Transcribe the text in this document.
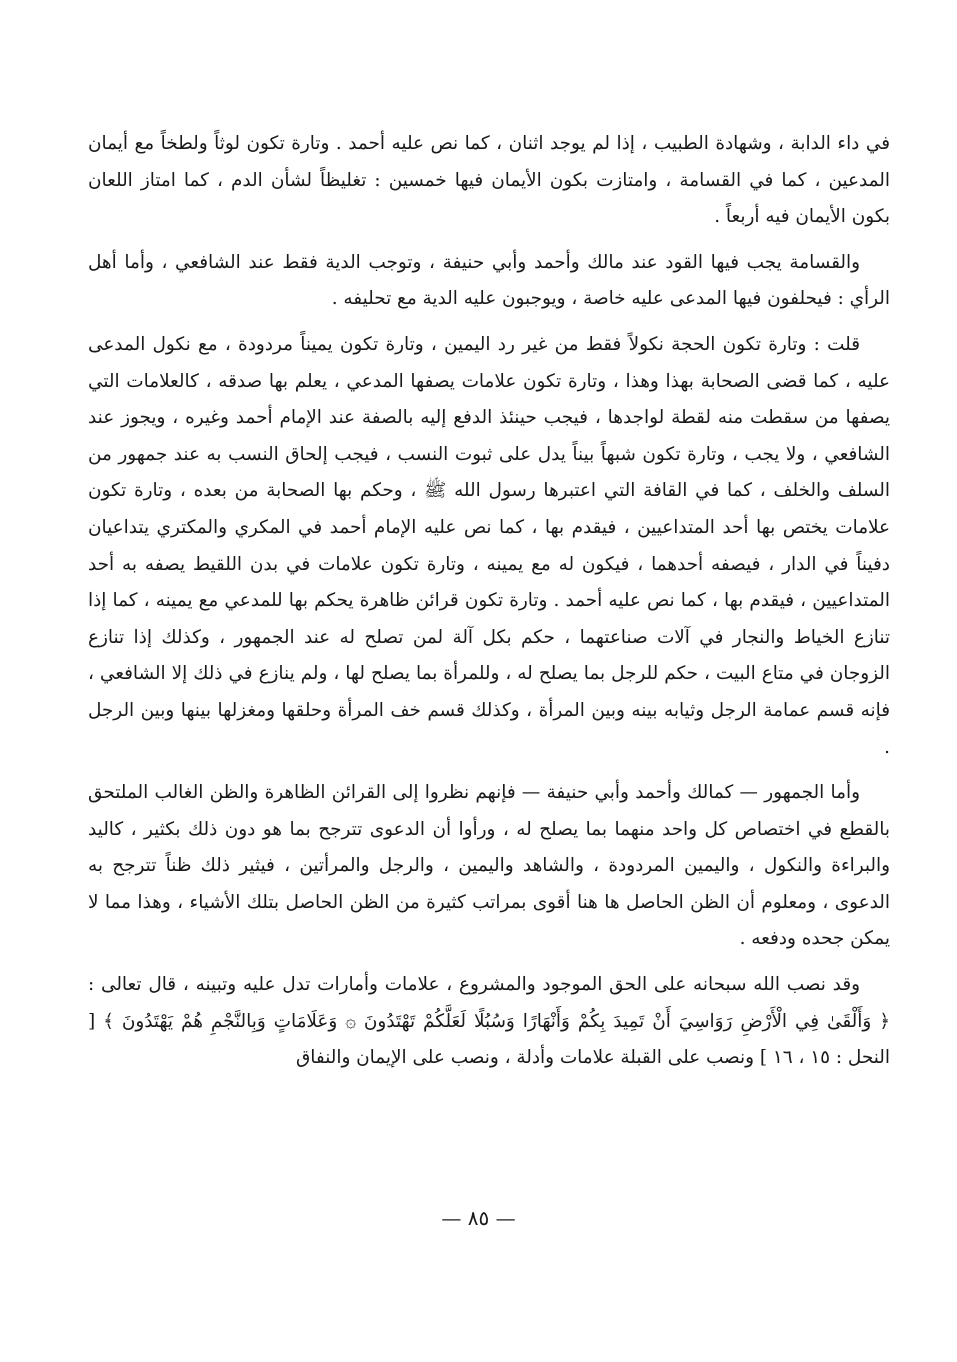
في داء الدابة ، وشهادة الطبيب ، إذا لم يوجد اثنان ، كما نص عليه أحمد . وتارة تكون لوثاً ولطخاً مع أيمان المدعين ، كما في القسامة ، وامتازت بكون الأيمان فيها خمسين : تغليظاً لشأن الدم ، كما امتاز اللعان بكون الأيمان فيه أربعاً .

والقسامة يجب فيها القود عند مالك وأحمد وأبي حنيفة ، وتوجب الدية فقط عند الشافعي ، وأما أهل الرأي : فيحلفون فيها المدعى عليه خاصة ، ويوجبون عليه الدية مع تحليفه .

قلت : وتارة تكون الحجة نكولاً فقط من غير رد اليمين ، وتارة تكون يميناً مردودة ، مع نكول المدعى عليه ، كما قضى الصحابة بهذا وهذا ، وتارة تكون علامات يصفها المدعي ، يعلم بها صدقه ، كالعلامات التي يصفها من سقطت منه لقطة لواجدها ، فيجب حينئذ الدفع إليه بالصفة عند الإمام أحمد وغيره ، ويجوز عند الشافعي ، ولا يجب ، وتارة تكون شبهاً بيناً يدل على ثبوت النسب ، فيجب إلحاق النسب به عند جمهور من السلف والخلف ، كما في القافة التي اعتبرها رسول الله ﷺ ، وحكم بها الصحابة من بعده ، وتارة تكون علامات يختص بها أحد المتداعيين ، فيقدم بها ، كما نص عليه الإمام أحمد في المكري والمكتري يتداعيان دفيناً في الدار ، فيصفه أحدهما ، فيكون له مع يمينه ، وتارة تكون علامات في بدن اللقيط يصفه به أحد المتداعيين ، فيقدم بها ، كما نص عليه أحمد . وتارة تكون قرائن ظاهرة يحكم بها للمدعي مع يمينه ، كما إذا تنازع الخياط والنجار في آلات صناعتهما ، حكم بكل آلة لمن تصلح له عند الجمهور ، وكذلك إذا تنازع الزوجان في متاع البيت ، حكم للرجل بما يصلح له ، وللمرأة بما يصلح لها ، ولم ينازع في ذلك إلا الشافعي ، فإنه قسم عمامة الرجل وثيابه بينه وبين المرأة ، وكذلك قسم خف المرأة وحلقها ومغزلها بينها وبين الرجل .

وأما الجمهور — كمالك وأحمد وأبي حنيفة — فإنهم نظروا إلى القرائن الظاهرة والظن الغالب الملتحق بالقطع في اختصاص كل واحد منهما بما يصلح له ، ورأوا أن الدعوى تترجح بما هو دون ذلك بكثير ، كاليد والبراءة والنكول ، واليمين المردودة ، والشاهد واليمين ، والرجل والمرأتين ، فيثير ذلك ظناً تترجح به الدعوى ، ومعلوم أن الظن الحاصل ها هنا أقوى بمراتب كثيرة من الظن الحاصل بتلك الأشياء ، وهذا مما لا يمكن جحده ودفعه .

وقد نصب الله سبحانه على الحق الموجود والمشروع ، علامات وأمارات تدل عليه وتبينه ، قال تعالى : ﴿ وَأَلْقَىٰ فِي الْأَرْضِ رَوَاسِيَ أَنْ تَمِيدَ بِكُمْ وَأَنْهَارًا وَسُبُلًا لَعَلَّكُمْ تَهْتَدُونَ ۞ وَعَلَامَاتٍ وَبِالنَّجْمِ هُمْ يَهْتَدُونَ ﴾ [ النحل : ١٥ ، ١٦ ] ونصب على القبلة علامات وأدلة ، ونصب على الإيمان والنفاق

— ٨٥ —
